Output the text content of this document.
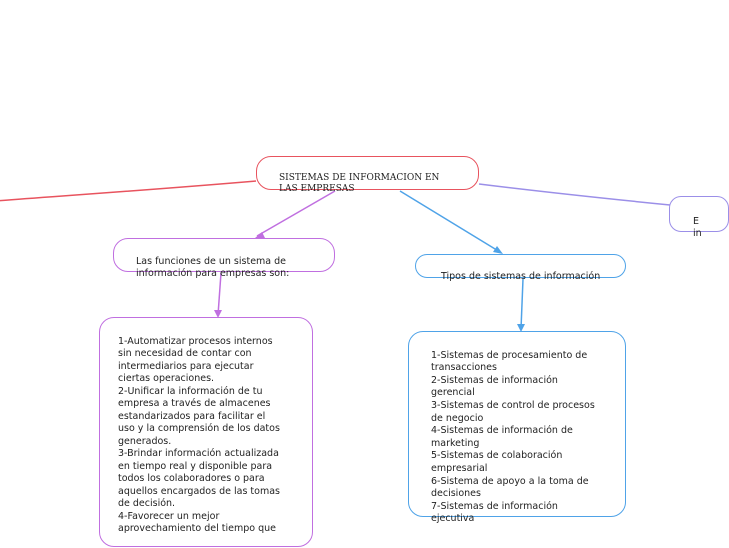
SISTEMAS DE INFORMACION EN
LAS EMPRESAS

Las funciones de un sistema de
información para empresas son:	Tipos de sistemas de información

1-Automatizar procesos internos
sin necesidad de contar con
intermediarios para ejecutar
ciertas operaciones.
2-Unificar la información de tu
empresa a través de almacenes
estandarizados para facilitar el
uso y la comprensión de los datos
generados.
3-Brindar información actualizada
en tiempo real y disponible para
todos los colaboradores o para
aquellos encargados de las tomas
de decisión.
4-Favorecer un mejor
aprovechamiento del tiempo que

1-Sistemas de procesamiento de
transacciones
2-Sistemas de información
gerencial
3-Sistemas de control de procesos
de negocio
4-Sistemas de información de
marketing
5-Sistemas de colaboración
empresarial
6-Sistema de apoyo a la toma de
decisiones
7-Sistemas de información
ejecutiva

E
in
